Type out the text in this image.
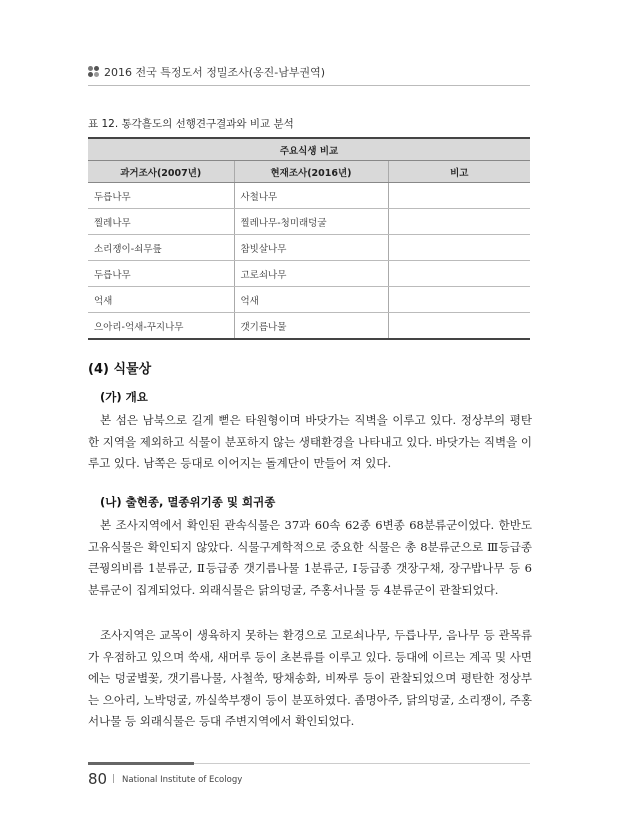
2016 전국 특정도서 정밀조사(옹진-남부권역)
표 12. 통각흘도의 선행견구결과와 비교 분석
주요식생 비교		
과거조사(2007년)	현재조사(2016년)	비고
두릅나무	사철나무	
찔레나무	찔레나무-청미래덩굴	
소리쟁이-쇠무릎	참빗살나무	
두릅나무	고로쇠나무	
억새	억새	
으아리-억새-꾸지나무	갯기름나물	
(4) 식물상
(가) 개요

본 섬은 남북으로 길게 뻗은 타원형이며 바닷가는 직벽을 이루고 있다. 정상부의 평탄한 지역을 제외하고 식물이 분포하지 않는 생태환경을 나타내고 있다. 바닷가는 직벽을 이루고 있다. 남쪽은 등대로 이어지는 돌계단이 만들어 져 있다.

(나) 출현종, 멸종위기종 및 희귀종

본 조사지역에서 확인된 관속식물은 37과 60속 62종 6변종 68분류군이었다. 한반도 고유식물은 확인되지 않았다. 식물구계학적으로 중요한 식물은 총 8분류군으로 Ⅲ등급종 큰꿩의비름 1분류군, Ⅱ등급종 갯기름나물 1분류군, Ⅰ등급종 갯장구채, 장구밥나무 등 6분류군이 집계되었다. 외래식물은 닭의덩굴, 주홍서나물 등 4분류군이 관찰되었다.

조사지역은 교목이 생육하지 못하는 환경으로 고로쇠나무, 두릅나무, 음나무 등 관목류가 우점하고 있으며 쑥새, 새머루 등이 초본류를 이루고 있다. 등대에 이르는 계곡 및 사면에는 덩굴별꽃, 갯기름나물, 사철쑥, 땅채송화, 비짜루 등이 관찰되었으며 평탄한 정상부는 으아리, 노박덩굴, 까실쑥부쟁이 등이 분포하였다. 좀명아주, 닭의덩굴, 소리쟁이, 주홍서나물 등 외래식물은 등대 주변지역에서 확인되었다.

80 | National Institute of Ecology
